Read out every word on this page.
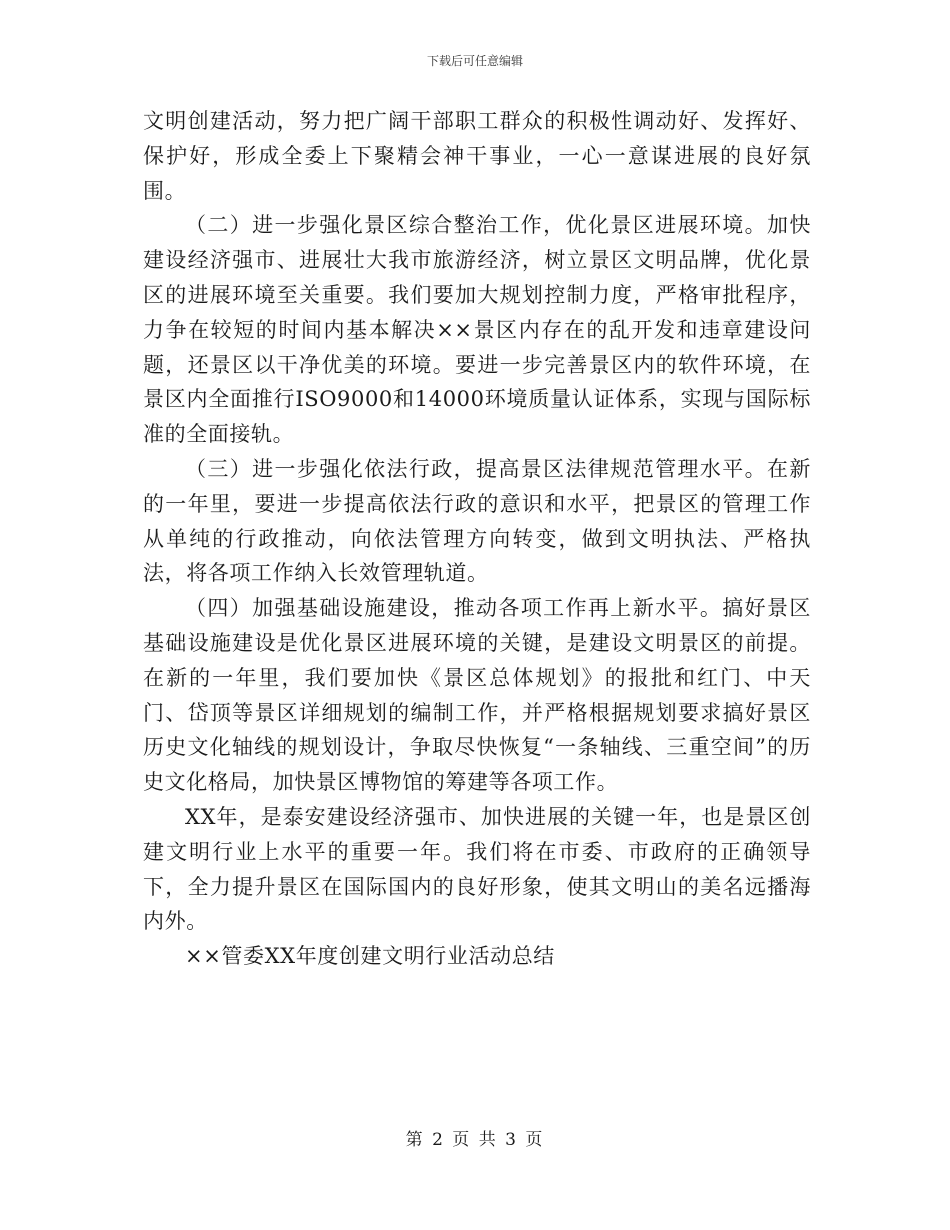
下载后可任意编辑

文明创建活动，努力把广阔干部职工群众的积极性调动好、发挥好、保护好，形成全委上下聚精会神干事业，一心一意谋进展的良好氛围。

（二）进一步强化景区综合整治工作，优化景区进展环境。加快建设经济强市、进展壮大我市旅游经济，树立景区文明品牌，优化景区的进展环境至关重要。我们要加大规划控制力度，严格审批程序，力争在较短的时间内基本解决××景区内存在的乱开发和违章建设问题，还景区以干净优美的环境。要进一步完善景区内的软件环境，在景区内全面推行ISO9000和14000环境质量认证体系，实现与国际标准的全面接轨。

（三）进一步强化依法行政，提高景区法律规范管理水平。在新的一年里，要进一步提高依法行政的意识和水平，把景区的管理工作从单纯的行政推动，向依法管理方向转变，做到文明执法、严格执法，将各项工作纳入长效管理轨道。

（四）加强基础设施建设，推动各项工作再上新水平。搞好景区基础设施建设是优化景区进展环境的关键，是建设文明景区的前提。在新的一年里，我们要加快《景区总体规划》的报批和红门、中天门、岱顶等景区详细规划的编制工作，并严格根据规划要求搞好景区历史文化轴线的规划设计，争取尽快恢复“一条轴线、三重空间”的历史文化格局，加快景区博物馆的筹建等各项工作。

XX年，是泰安建设经济强市、加快进展的关键一年，也是景区创建文明行业上水平的重要一年。我们将在市委、市政府的正确领导下，全力提升景区在国际国内的良好形象，使其文明山的美名远播海内外。

××管委XX年度创建文明行业活动总结

第 2 页 共 3 页
